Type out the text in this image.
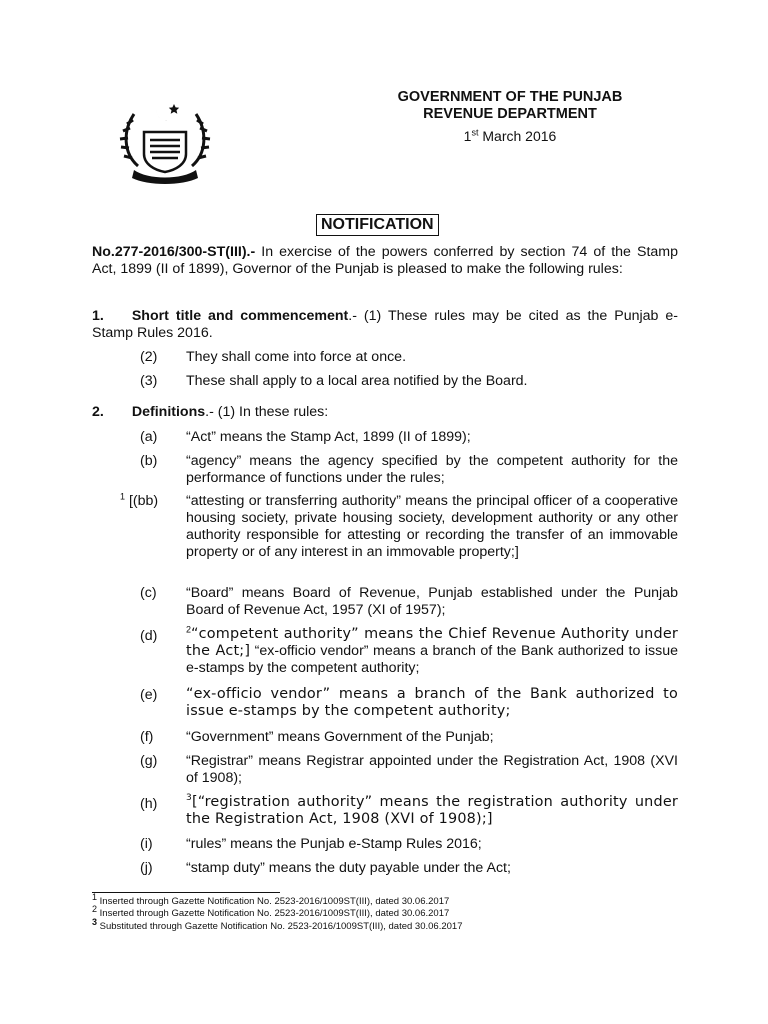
GOVERNMENT OF THE PUNJAB
REVENUE DEPARTMENT
1st March 2016
NOTIFICATION
No.277-2016/300-ST(III).- In exercise of the powers conferred by section 74 of the Stamp Act, 1899 (II of 1899), Governor of the Punjab is pleased to make the following rules:
1. Short title and commencement.- (1) These rules may be cited as the Punjab e-Stamp Rules 2016.
(2) They shall come into force at once.
(3) These shall apply to a local area notified by the Board.
2. Definitions.- (1) In these rules:
(a) “Act” means the Stamp Act, 1899 (II of 1899);
(b) “agency” means the agency specified by the competent authority for the performance of functions under the rules;
$^1$ [(bb) “attesting or transferring authority” means the principal officer of a cooperative housing society, private housing society, development authority or any other authority responsible for attesting or recording the transfer of an immovable property or of any interest in an immovable property;]
(c) “Board” means Board of Revenue, Punjab established under the Punjab Board of Revenue Act, 1957 (XI of 1957);
(d)	$^2$“competent authority” means the Chief Revenue Authority under the Act;] “ex-officio vendor” means a branch of the Bank authorized to issue e-stamps by the competent authority;
(e) “ex-officio vendor” means a branch of the Bank authorized to issue e-stamps by the competent authority;
(f) “Government” means Government of the Punjab;
(g) “Registrar” means Registrar appointed under the Registration Act, 1908 (XVI of 1908);
(h)	$^3$[“registration authority” means the registration authority under the Registration Act, 1908 (XVI of 1908);]
(i) “rules” means the Punjab e-Stamp Rules 2016;
(j) “stamp duty” means the duty payable under the Act;
$^1$ Inserted through Gazette Notification No. 2523-2016/1009ST(III), dated 30.06.2017
$^2$ Inserted through Gazette Notification No. 2523-2016/1009ST(III), dated 30.06.2017
$^3$ Substituted through Gazette Notification No. 2523-2016/1009ST(III), dated 30.06.2017
